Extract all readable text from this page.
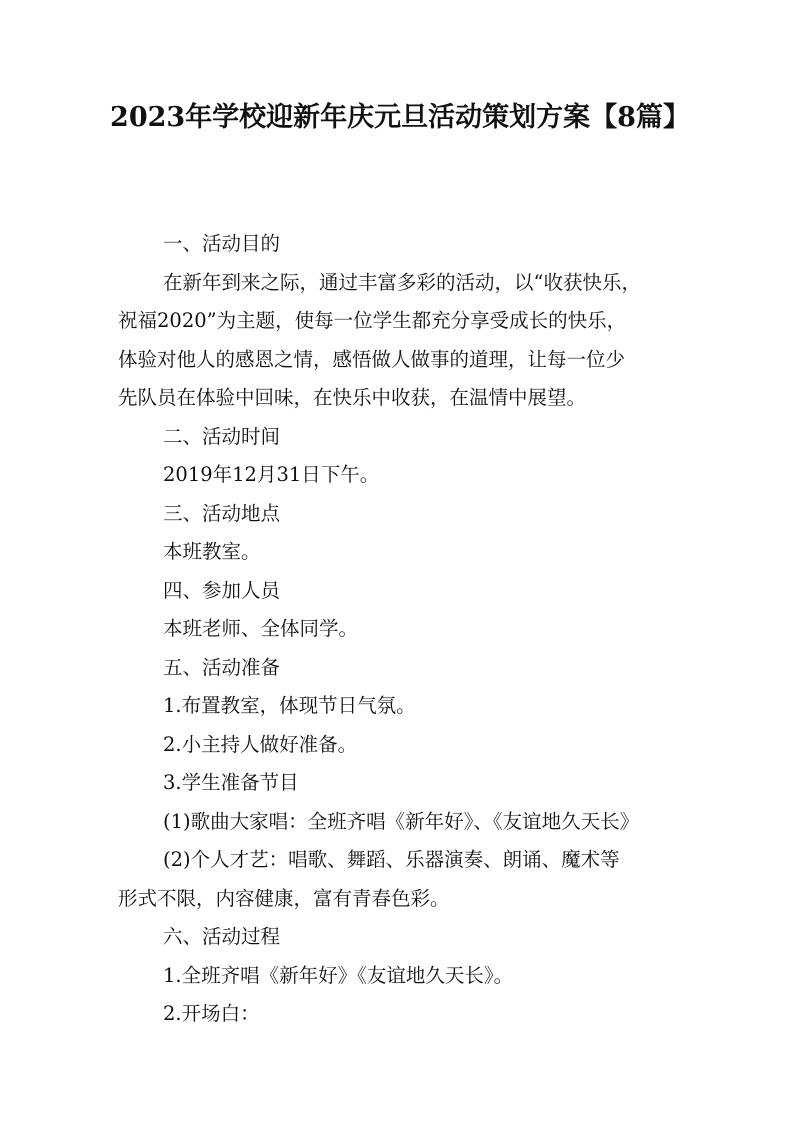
2023年学校迎新年庆元旦活动策划方案【8篇】

一、活动目的

在新年到来之际，通过丰富多彩的活动，以“收获快乐，

祝福2020”为主题，使每一位学生都充分享受成长的快乐，

体验对他人的感恩之情，感悟做人做事的道理，让每一位少

先队员在体验中回味，在快乐中收获，在温情中展望。

二、活动时间

2019年12月31日下午。

三、活动地点

本班教室。

四、参加人员

本班老师、全体同学。

五、活动准备

1.布置教室，体现节日气氛。

2.小主持人做好准备。

3.学生准备节目

(1)歌曲大家唱：全班齐唱《新年好》、《友谊地久天长》

(2)个人才艺：唱歌、舞蹈、乐器演奏、朗诵、魔术等

形式不限，内容健康，富有青春色彩。

六、活动过程

1.全班齐唱《新年好》《友谊地久天长》。

2.开场白：
